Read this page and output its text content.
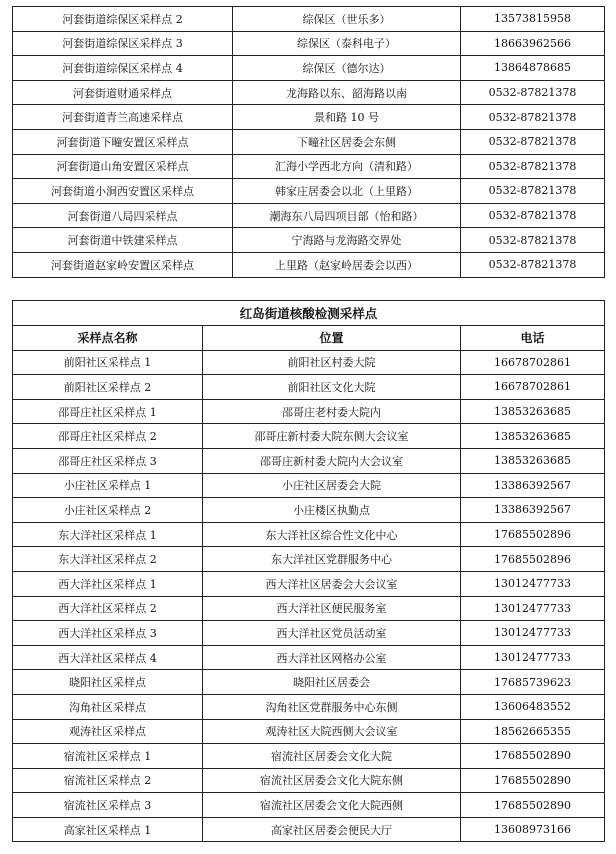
河套街道综保区采样点 2	综保区（世乐多）	13573815958
河套街道综保区采样点 3	综保区（泰科电子）	18663962566
河套街道综保区采样点 4	综保区（德尔达）	13864878685
河套街道财通采样点	龙海路以东、韶海路以南	0532-87821378
河套街道青兰高速采样点	景和路 10 号	0532-87821378
河套街道下疃安置区采样点	下疃社区居委会东侧	0532-87821378
河套街道山角安置区采样点	汇海小学西北方向（清和路）	0532-87821378
河套街道小涧西安置区采样点	韩家庄居委会以北（上里路）	0532-87821378
河套街道八局四采样点	潮海东八局四项目部（怡和路）	0532-87821378
河套街道中铁建采样点	宁海路与龙海路交界处	0532-87821378
河套街道赵家岭安置区采样点	上里路（赵家岭居委会以西）	0532-87821378
红岛街道核酸检测采样点		
采样点名称	位置	电话
前阳社区采样点 1	前阳社区村委大院	16678702861
前阳社区采样点 2	前阳社区文化大院	16678702861
邵哥庄社区采样点 1	邵哥庄老村委大院内	13853263685
邵哥庄社区采样点 2	邵哥庄新村委大院东侧大会议室	13853263685
邵哥庄社区采样点 3	邵哥庄新村委大院内大会议室	13853263685
小庄社区采样点 1	小庄社区居委会大院	13386392567
小庄社区采样点 2	小庄楼区执勤点	13386392567
东大洋社区采样点 1	东大洋社区综合性文化中心	17685502896
东大洋社区采样点 2	东大洋社区党群服务中心	17685502896
西大洋社区采样点 1	西大洋社区居委会大会议室	13012477733
西大洋社区采样点 2	西大洋社区便民服务室	13012477733
西大洋社区采样点 3	西大洋社区党员活动室	13012477733
西大洋社区采样点 4	西大洋社区网格办公室	13012477733
晓阳社区采样点	晓阳社区居委会	17685739623
沟角社区采样点	沟角社区党群服务中心东侧	13606483552
观涛社区采样点	观涛社区大院西侧大会议室	18562665355
宿流社区采样点 1	宿流社区居委会文化大院	17685502890
宿流社区采样点 2	宿流社区居委会文化大院东侧	17685502890
宿流社区采样点 3	宿流社区居委会文化大院西侧	17685502890
高家社区采样点 1	高家社区居委会便民大厅	13608973166
